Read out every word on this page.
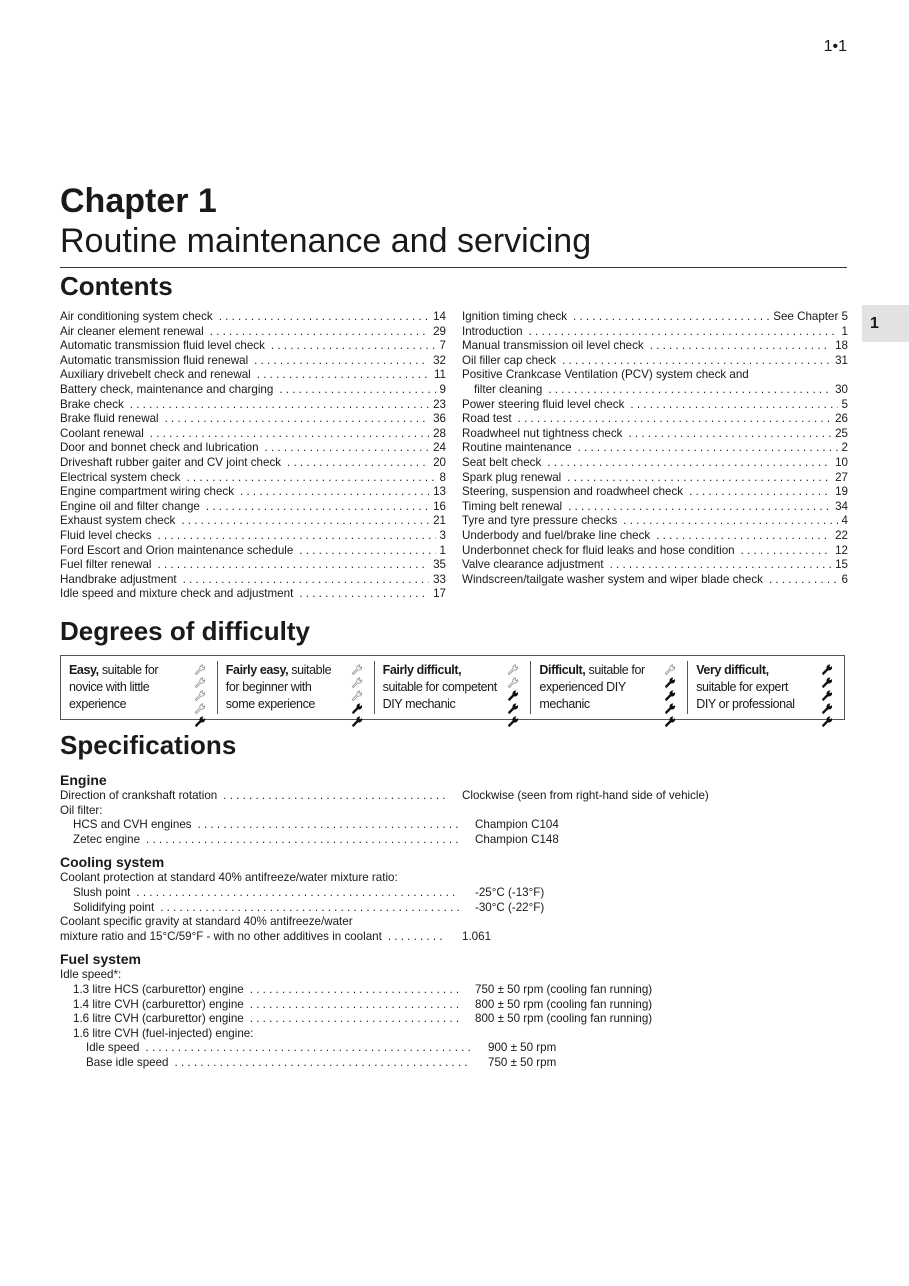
1•1
Chapter 1
Routine maintenance and servicing
Contents
1
Air conditioning system check . . .	14
Air cleaner element renewal . . .	29
Automatic transmission fluid level check . . .	7
Automatic transmission fluid renewal . . .	32
Auxiliary drivebelt check and renewal . . .	11
Battery check, maintenance and charging . . .	9
Brake check . . .	23
Brake fluid renewal . . .	36
Coolant renewal . . .	28
Door and bonnet check and lubrication . . .	24
Driveshaft rubber gaiter and CV joint check . . .	20
Electrical system check . . .	8
Engine compartment wiring check . . .	13
Engine oil and filter change . . .	16
Exhaust system check . . .	21
Fluid level checks . . .	3
Ford Escort and Orion maintenance schedule . . .	1
Fuel filter renewal . . .	35
Handbrake adjustment . . .	33
Idle speed and mixture check and adjustment . . .	17
Ignition timing check . . .	See Chapter 5
Introduction . . .	1
Manual transmission oil level check . . .	18
Oil filler cap check . . .	31
Positive Crankcase Ventilation (PCV) system check and
filter cleaning . . .	30
Power steering fluid level check . . .	5
Road test . . .	26
Roadwheel nut tightness check . . .	25
Routine maintenance . . .	2
Seat belt check . . .	10
Spark plug renewal . . .	27
Steering, suspension and roadwheel check . . .	19
Timing belt renewal . . .	34
Tyre and tyre pressure checks . . .	4
Underbody and fuel/brake line check . . .	22
Underbonnet check for fluid leaks and hose condition . . .	12
Valve clearance adjustment . . .	15
Windscreen/tailgate washer system and wiper blade check . . .	6
Degrees of difficulty
Easy, suitable for
novice with little
experience
Fairly easy, suitable
for beginner with
some experience
Fairly difficult,
suitable for competent
DIY mechanic
Difficult, suitable for
experienced DIY
mechanic
Very difficult,
suitable for expert
DIY or professional
Specifications
Engine
Direction of crankshaft rotation . . .	Clockwise (seen from right-hand side of vehicle)
Oil filter:
HCS and CVH engines . . .	Champion C104
Zetec engine . . .	Champion C148
Cooling system
Coolant protection at standard 40% antifreeze/water mixture ratio:
Slush point . . .	-25°C (-13°F)
Solidifying point . . .	-30°C (-22°F)
Coolant specific gravity at standard 40% antifreeze/water
mixture ratio and 15°C/59°F - with no other additives in coolant . . .	1.061
Fuel system
Idle speed*:
1.3 litre HCS (carburettor) engine . . .	750 ± 50 rpm (cooling fan running)
1.4 litre CVH (carburettor) engine . . .	800 ± 50 rpm (cooling fan running)
1.6 litre CVH (carburettor) engine . . .	800 ± 50 rpm (cooling fan running)
1.6 litre CVH (fuel-injected) engine:
Idle speed . . .	900 ± 50 rpm
Base idle speed . . .	750 ± 50 rpm
